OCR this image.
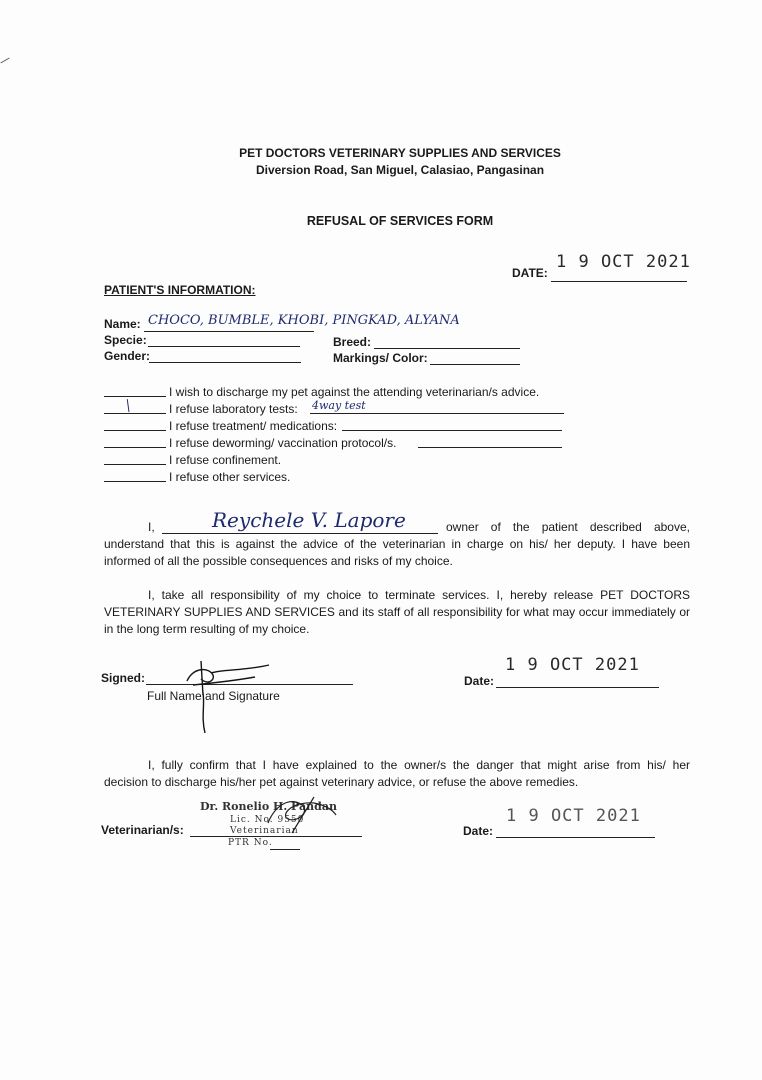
PET DOCTORS VETERINARY SUPPLIES AND SERVICES
Diversion Road, San Miguel, Calasiao, Pangasinan
REFUSAL OF SERVICES FORM
DATE:
1 9 OCT 2021
PATIENT'S INFORMATION:
Name: CHOCO, BUMBLE, KHOBI, PINGKAD, ALYANA
Specie:	Breed:
Gender:	Markings/ Color:
I wish to discharge my pet against the attending veterinarian/s advice.
/	I refuse laboratory tests: 4way test
I refuse treatment/ medications:
I refuse deworming/ vaccination protocol/s.
I refuse confinement.
I refuse other services.
I,	Reychele V. Lapore	owner of the patient described above,
understand that this is against the advice of the veterinarian in charge on his/ her deputy. I have been
informed of all the possible consequences and risks of my choice.
I, take all responsibility of my choice to terminate services. I, hereby release PET DOCTORS
VETERINARY SUPPLIES AND SERVICES and its staff of all responsibility for what may occur immediately or
in the long term resulting of my choice.
Signed:
Full Name and Signature
Date:
1 9 OCT 2021
I, fully confirm that I have explained to the owner/s the danger that might arise from his/ her
decision to discharge his/her pet against veterinary advice, or refuse the above remedies.
Veterinarian/s:
Dr. Ronelio H. Pandan
Lic. No. 9550
Veterinarian
PTR No.
Date:
1 9 OCT 2021
